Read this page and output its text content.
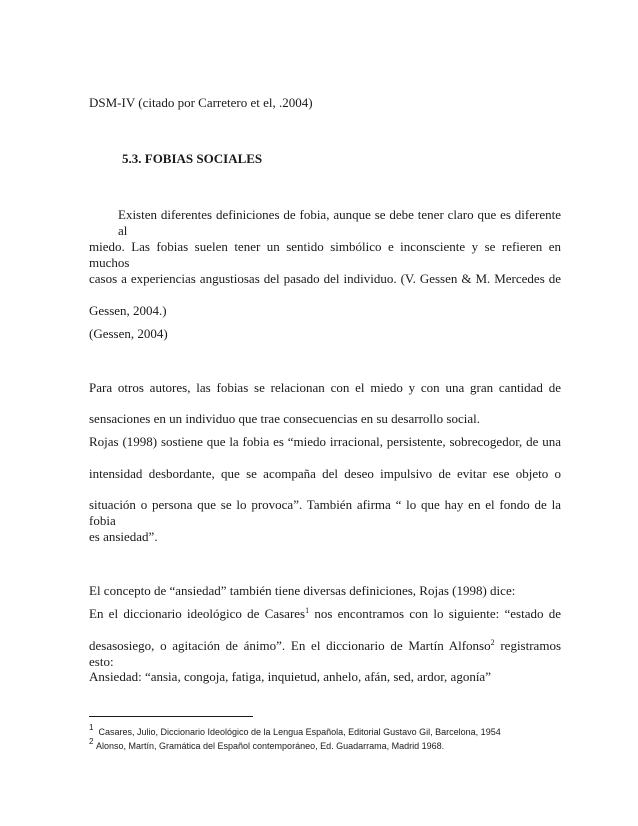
DSM-IV (citado por Carretero et el, .2004)
5.3. FOBIAS SOCIALES
Existen diferentes definiciones de fobia, aunque se debe tener claro que es diferente al
miedo. Las fobias suelen tener un sentido simbólico e inconsciente y se refieren en muchos
casos a experiencias angustiosas del pasado del individuo. (V. Gessen & M. Mercedes de
Gessen, 2004.)
(Gessen, 2004)
Para otros autores, las fobias se relacionan con el miedo y con una gran cantidad de
sensaciones en un individuo que trae consecuencias en su desarrollo social.
Rojas (1998) sostiene que la fobia es “miedo irracional, persistente, sobrecogedor, de una
intensidad desbordante, que se acompaña del deseo impulsivo de evitar ese objeto o
situación o persona que se lo provoca”. También afirma “ lo que hay en el fondo de la fobia
es ansiedad”.
El concepto de “ansiedad” también tiene diversas definiciones, Rojas (1998) dice:
En el diccionario ideológico de Casares$^1$ nos encontramos con lo siguiente: “estado de
desasosiego, o agitación de ánimo”. En el diccionario de Martín Alfonso$^2$ registramos esto:
Ansiedad: “ansia, congoja, fatiga, inquietud, anhelo, afán, sed, ardor, agonía”
$^1$ Casares, Julio, Diccionario Ideológico de la Lengua Española, Editorial Gustavo Gil, Barcelona, 1954
$^2$ Alonso, Martín, Gramática del Español contemporáneo, Ed. Guadarrama, Madrid 1968.
